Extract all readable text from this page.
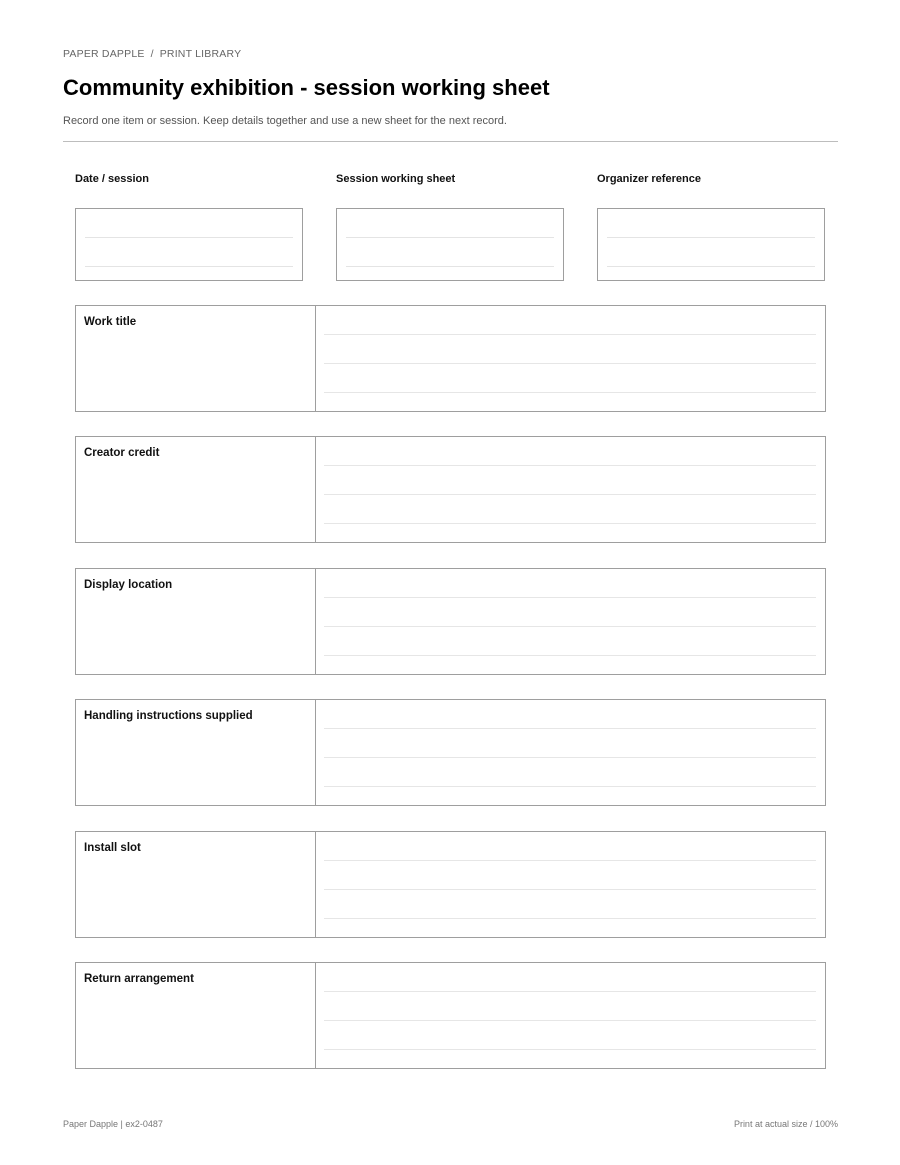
PAPER DAPPLE / PRINT LIBRARY
Community exhibition - session working sheet
Record one item or session. Keep details together and use a new sheet for the next record.
Date / session	Session working sheet	Organizer reference
Work title
Creator credit
Display location
Handling instructions supplied
Install slot
Return arrangement
Paper Dapple | ex2-0487	Print at actual size / 100%
